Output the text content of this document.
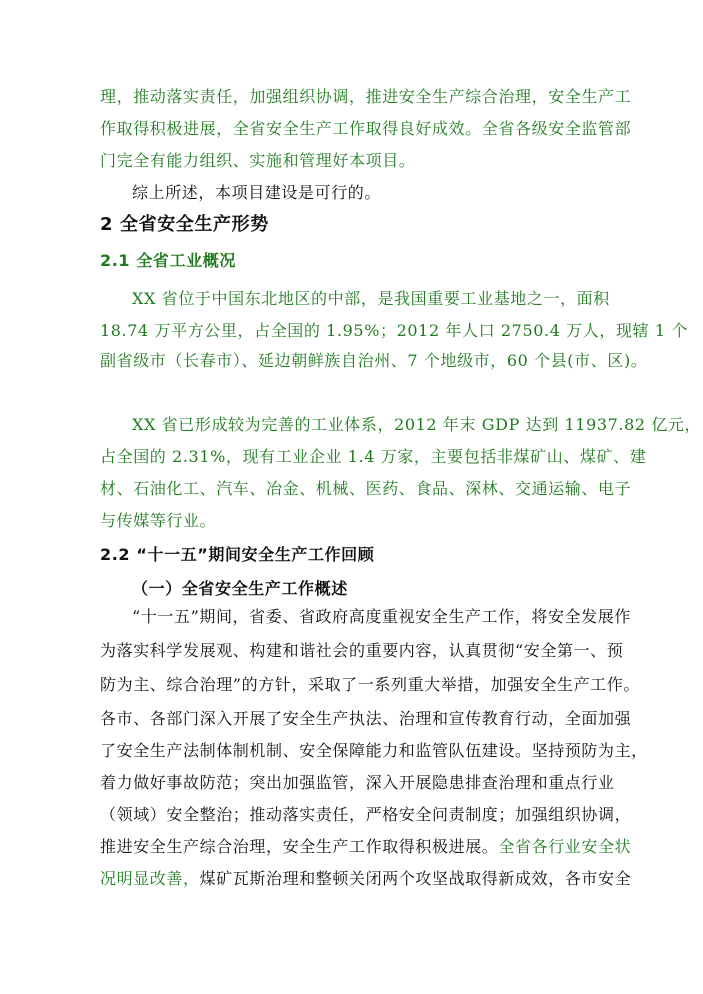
理，推动落实责任，加强组织协调，推进安全生产综合治理，安全生产工
作取得积极进展，全省安全生产工作取得良好成效。全省各级安全监管部
门完全有能力组织、实施和管理好本项目。
综上所述，本项目建设是可行的。
2 全省安全生产形势
2.1 全省工业概况
XX 省位于中国东北地区的中部，是我国重要工业基地之一，面积
18.74 万平方公里，占全国的 1.95%；2012 年人口 2750.4 万人，现辖 1 个
副省级市（长春市）、延边朝鲜族自治州、7 个地级市，60 个县(市、区)。
XX 省已形成较为完善的工业体系，2012 年末 GDP 达到 11937.82 亿元，
占全国的 2.31%，现有工业企业 1.4 万家，主要包括非煤矿山、煤矿、建
材、石油化工、汽车、冶金、机械、医药、食品、深林、交通运输、电子
与传媒等行业。
2.2 “十一五”期间安全生产工作回顾
（一）全省安全生产工作概述
“十一五”期间，省委、省政府高度重视安全生产工作，将安全发展作
为落实科学发展观、构建和谐社会的重要内容，认真贯彻“安全第一、预
防为主、综合治理”的方针，采取了一系列重大举措，加强安全生产工作。
各市、各部门深入开展了安全生产执法、治理和宣传教育行动，全面加强
了安全生产法制体制机制、安全保障能力和监管队伍建设。坚持预防为主，
着力做好事故防范；突出加强监管，深入开展隐患排查治理和重点行业
（领域）安全整治；推动落实责任，严格安全问责制度；加强组织协调，
推进安全生产综合治理，安全生产工作取得积极进展。全省各行业安全状
况明显改善，煤矿瓦斯治理和整顿关闭两个攻坚战取得新成效，各市安全
